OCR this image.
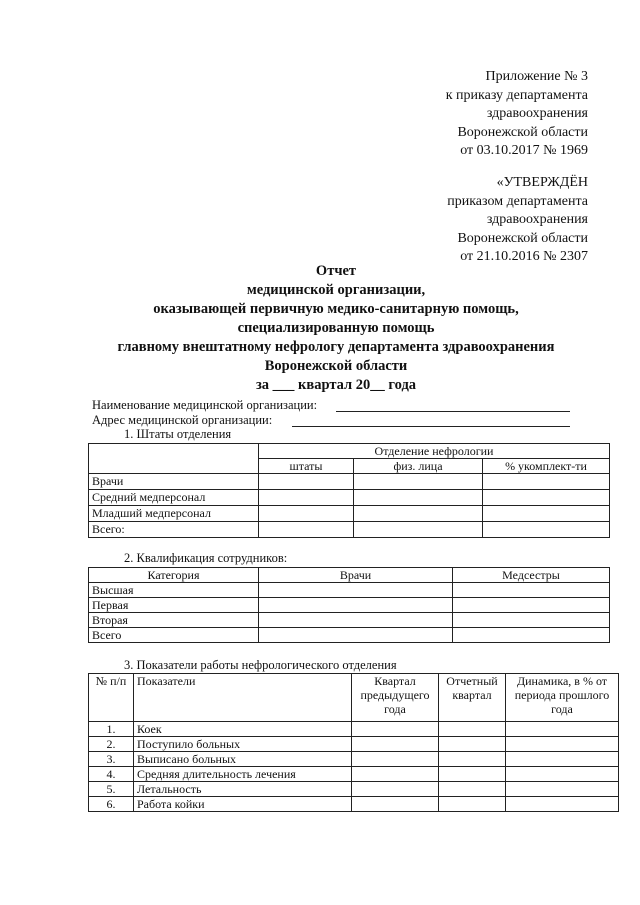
Приложение № 3
к приказу департамента
здравоохранения
Воронежской области
от 03.10.2017 № 1969
«УТВЕРЖДЁН
приказом департамента
здравоохранения
Воронежской области
от 21.10.2016 № 2307
Отчет
медицинской организации,
оказывающей первичную медико-санитарную помощь,
специализированную помощь
главному внештатному нефрологу департамента здравоохранения
Воронежской области
за ___ квартал 20__ года
Наименование медицинской организации:
Адрес медицинской организации:
1. Штаты отделения
	Отделение нефрологии		
	штаты	физ. лица	% укомплект-ти
Врачи			
Средний медперсонал			
Младший медперсонал			
Всего:			
2. Квалификация сотрудников:
Категория	Врачи	Медсестры
Высшая		
Первая		
Вторая		
Всего		
3. Показатели работы нефрологического отделения
№ п/п	Показатели	Квартал предыдущего года	Отчетный квартал	Динамика, в % от периода прошлого года
1.	Коек			
2.	Поступило больных			
3.	Выписано больных			
4.	Средняя длительность лечения			
5.	Летальность			
6.	Работа койки			
